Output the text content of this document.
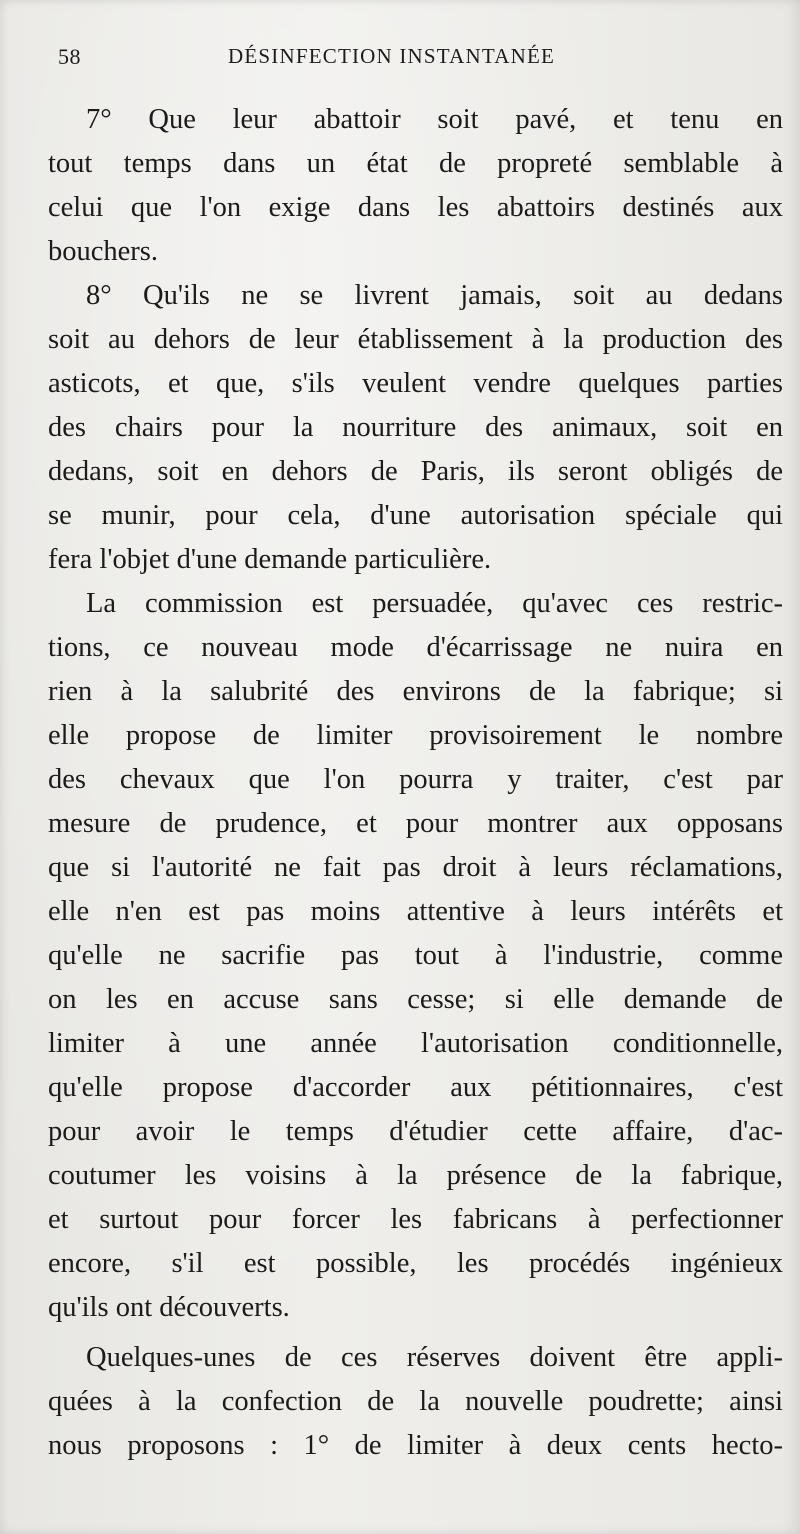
58	DÉSINFECTION INSTANTANÉE
7° Que leur abattoir soit pavé, et tenu en
tout temps dans un état de propreté semblable à
celui que l'on exige dans les abattoirs destinés aux
bouchers.
8° Qu'ils ne se livrent jamais, soit au dedans
soit au dehors de leur établissement à la production des
asticots, et que, s'ils veulent vendre quelques parties
des chairs pour la nourriture des animaux, soit en
dedans, soit en dehors de Paris, ils seront obligés de
se munir, pour cela, d'une autorisation spéciale qui
fera l'objet d'une demande particulière.
La commission est persuadée, qu'avec ces restric-
tions, ce nouveau mode d'écarrissage ne nuira en
rien à la salubrité des environs de la fabrique; si
elle propose de limiter provisoirement le nombre
des chevaux que l'on pourra y traiter, c'est par
mesure de prudence, et pour montrer aux opposans
que si l'autorité ne fait pas droit à leurs réclamations,
elle n'en est pas moins attentive à leurs intérêts et
qu'elle ne sacrifie pas tout à l'industrie, comme
on les en accuse sans cesse; si elle demande de
limiter à une année l'autorisation conditionnelle,
qu'elle propose d'accorder aux pétitionnaires, c'est
pour avoir le temps d'étudier cette affaire, d'ac-
coutumer les voisins à la présence de la fabrique,
et surtout pour forcer les fabricans à perfectionner
encore, s'il est possible, les procédés ingénieux
qu'ils ont découverts.
Quelques-unes de ces réserves doivent être appli-
quées à la confection de la nouvelle poudrette; ainsi
nous proposons : 1° de limiter à deux cents hecto-
